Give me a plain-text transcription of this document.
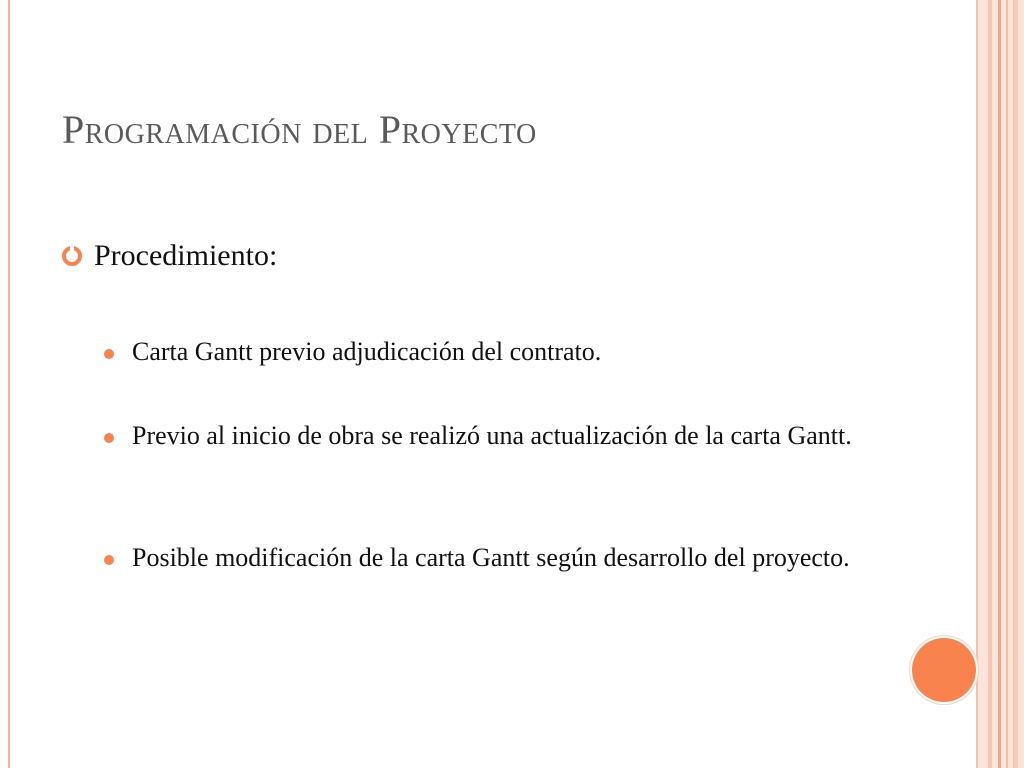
Programación del Proyecto
Procedimiento:
Carta Gantt previo adjudicación del contrato.
Previo al inicio de obra se realizó una actualización de la carta Gantt.
Posible modificación de la carta Gantt según desarrollo del proyecto.
